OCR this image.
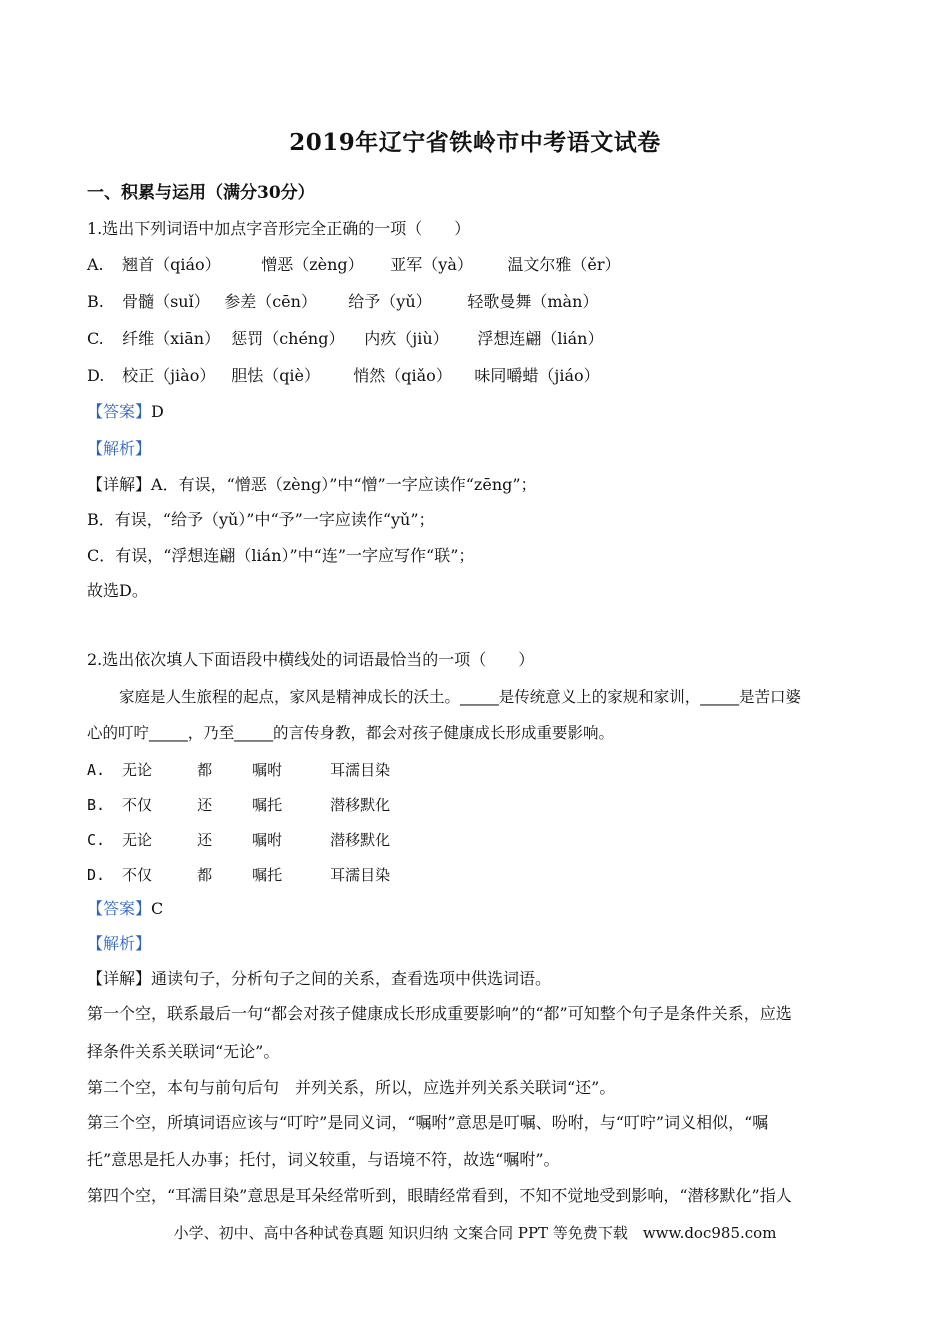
2019年辽宁省铁岭市中考语文试卷
一、积累与运用（满分30分）
1.选出下列词语中加点字音形完全正确的一项（　　）
A. 翘首（qiáo）	憎恶（zèng） 亚军（yà） 温文尔雅（ěr）
B. 骨髓（suǐ） 参差（cēn） 给予（yǔ） 轻歌曼舞（màn）
C. 纤维（xiān） 惩罚（chéng） 内疚（jiù） 浮想连翩（lián）
D. 校正（jiào） 胆怯（qiè） 悄然（qiǎo） 味同嚼蜡（jiáo）
【答案】D
【解析】
【详解】A．有误，“憎恶（zèng）”中“憎”一字应读作“zēng”；
B．有误，“给予（yǔ）”中“予”一字应读作“yǔ”；
C．有误，“浮想连翩（lián）”中“连”一字应写作“联”；
故选D。
2.选出依次填人下面语段中横线处的词语最恰当的一项（　　）
家庭是人生旅程的起点，家风是精神成长的沃土。_____是传统意义上的家规和家训，_____是苦口婆
心的叮咛_____，乃至_____的言传身教，都会对孩子健康成长形成重要影响。
A. 无论	都	嘱咐	耳濡目染
B. 不仅	还	嘱托	潜移默化
C. 无论	还	嘱咐	潜移默化
D. 不仅	都	嘱托	耳濡目染
【答案】C
【解析】
【详解】通读句子，分析句子之间的关系，查看选项中供选词语。
第一个空，联系最后一句“都会对孩子健康成长形成重要影响”的“都”可知整个句子是条件关系，应选
择条件关系关联词“无论”。
第二个空，本句与前句后句　并列关系，所以，应选并列关系关联词“还”。
第三个空，所填词语应该与“叮咛”是同义词，“嘱咐”意思是叮嘱、吩咐，与“叮咛”词义相似，“嘱
托”意思是托人办事；托付，词义较重，与语境不符，故选“嘱咐”。
第四个空，“耳濡目染”意思是耳朵经常听到，眼睛经常看到，不知不觉地受到影响，“潜移默化”指人
小学、初中、高中各种试卷真题 知识归纳 文案合同 PPT 等免费下载　www.doc985.com
